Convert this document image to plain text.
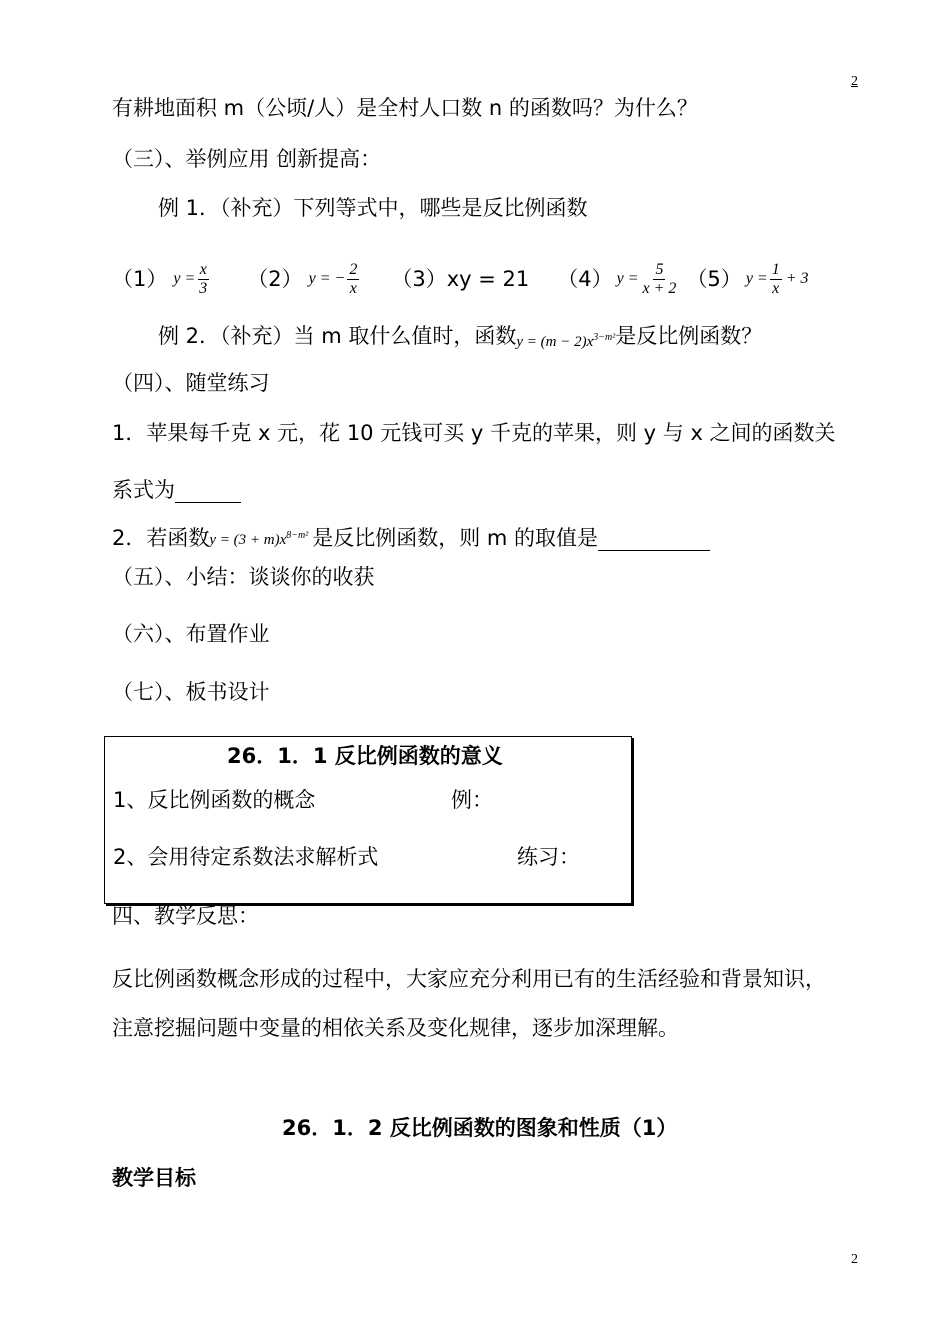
2
有耕地面积 m（公顷/人）是全村人口数 n 的函数吗？为什么？
（三）、举例应用 创新提高：
例 1．（补充）下列等式中，哪些是反比例函数
（1） $y = \frac{x}{3} (2) y$ = − $\frac{2}{x} (3)xy = 21$ （4） $y = \frac{5}{x + 2} (5) y = \frac{1}{x} + 3$
例 2．（补充）当 m 取什么值时，函数 $y = (m - 2)x^{3-m^2}$ 是反比例函数？
（四）、随堂练习
1．苹果每千克 x 元，花 10 元钱可买 y 千克的苹果，则 y 与 x 之间的函数关
系式为
2．若函数 $y = (3 + m)x^{8-m^2}$ 是反比例函数，则 m 的取值是
（五）、小结：谈谈你的收获
（六）、布置作业
（七）、板书设计
26．1．1 反比例函数的意义
1、反比例函数的概念	例：
2、会用待定系数法求解析式	练习：
四、教学反思：
反比例函数概念形成的过程中，大家应充分利用已有的生活经验和背景知识，
注意挖掘问题中变量的相依关系及变化规律，逐步加深理解。
26．1．2 反比例函数的图象和性质（1）
教学目标
2
